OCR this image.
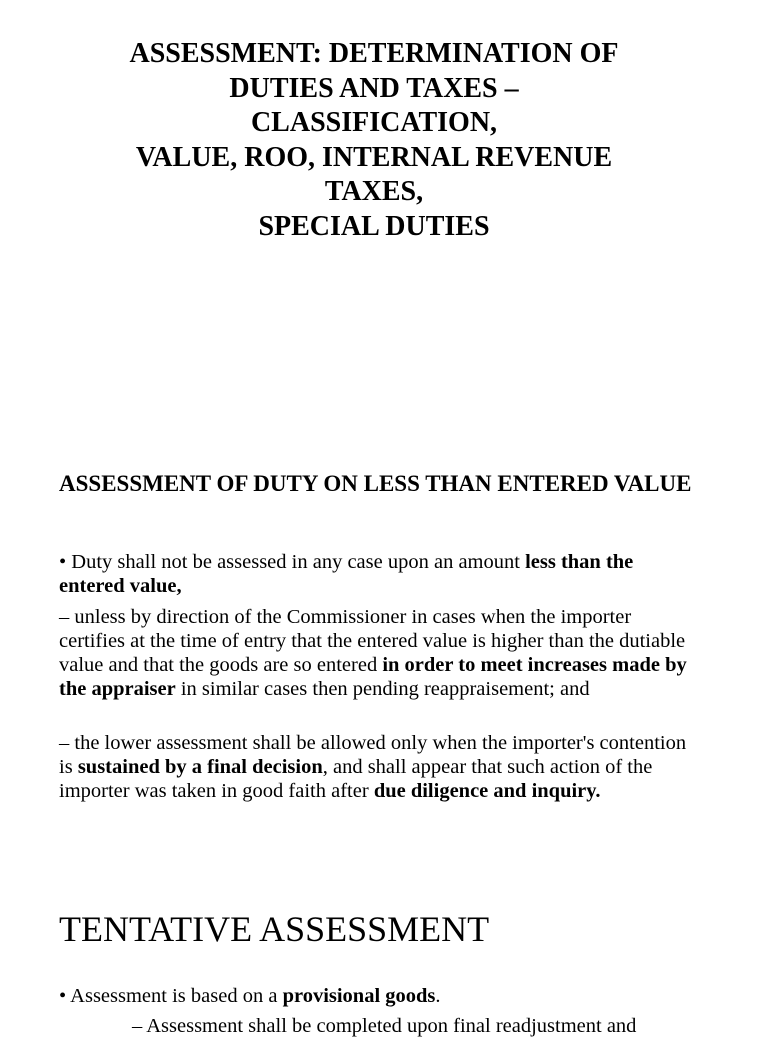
ASSESSMENT: DETERMINATION OF
DUTIES AND TAXES –
CLASSIFICATION,
VALUE, ROO, INTERNAL REVENUE
TAXES,
SPECIAL DUTIES
ASSESSMENT OF DUTY ON LESS THAN ENTERED VALUE

• Duty shall not be assessed in any case upon an amount less than the entered value,

– unless by direction of the Commissioner in cases when the importer certifies at the time of entry that the entered value is higher than the dutiable value and that the goods are so entered in order to meet increases made by the appraiser in similar cases then pending reappraisement; and

– the lower assessment shall be allowed only when the importer's contention is sustained by a final decision, and shall appear that such action of the importer was taken in good faith after due diligence and inquiry.

TENTATIVE ASSESSMENT

• Assessment is based on a provisional goods.

– Assessment shall be completed upon final readjustment and
